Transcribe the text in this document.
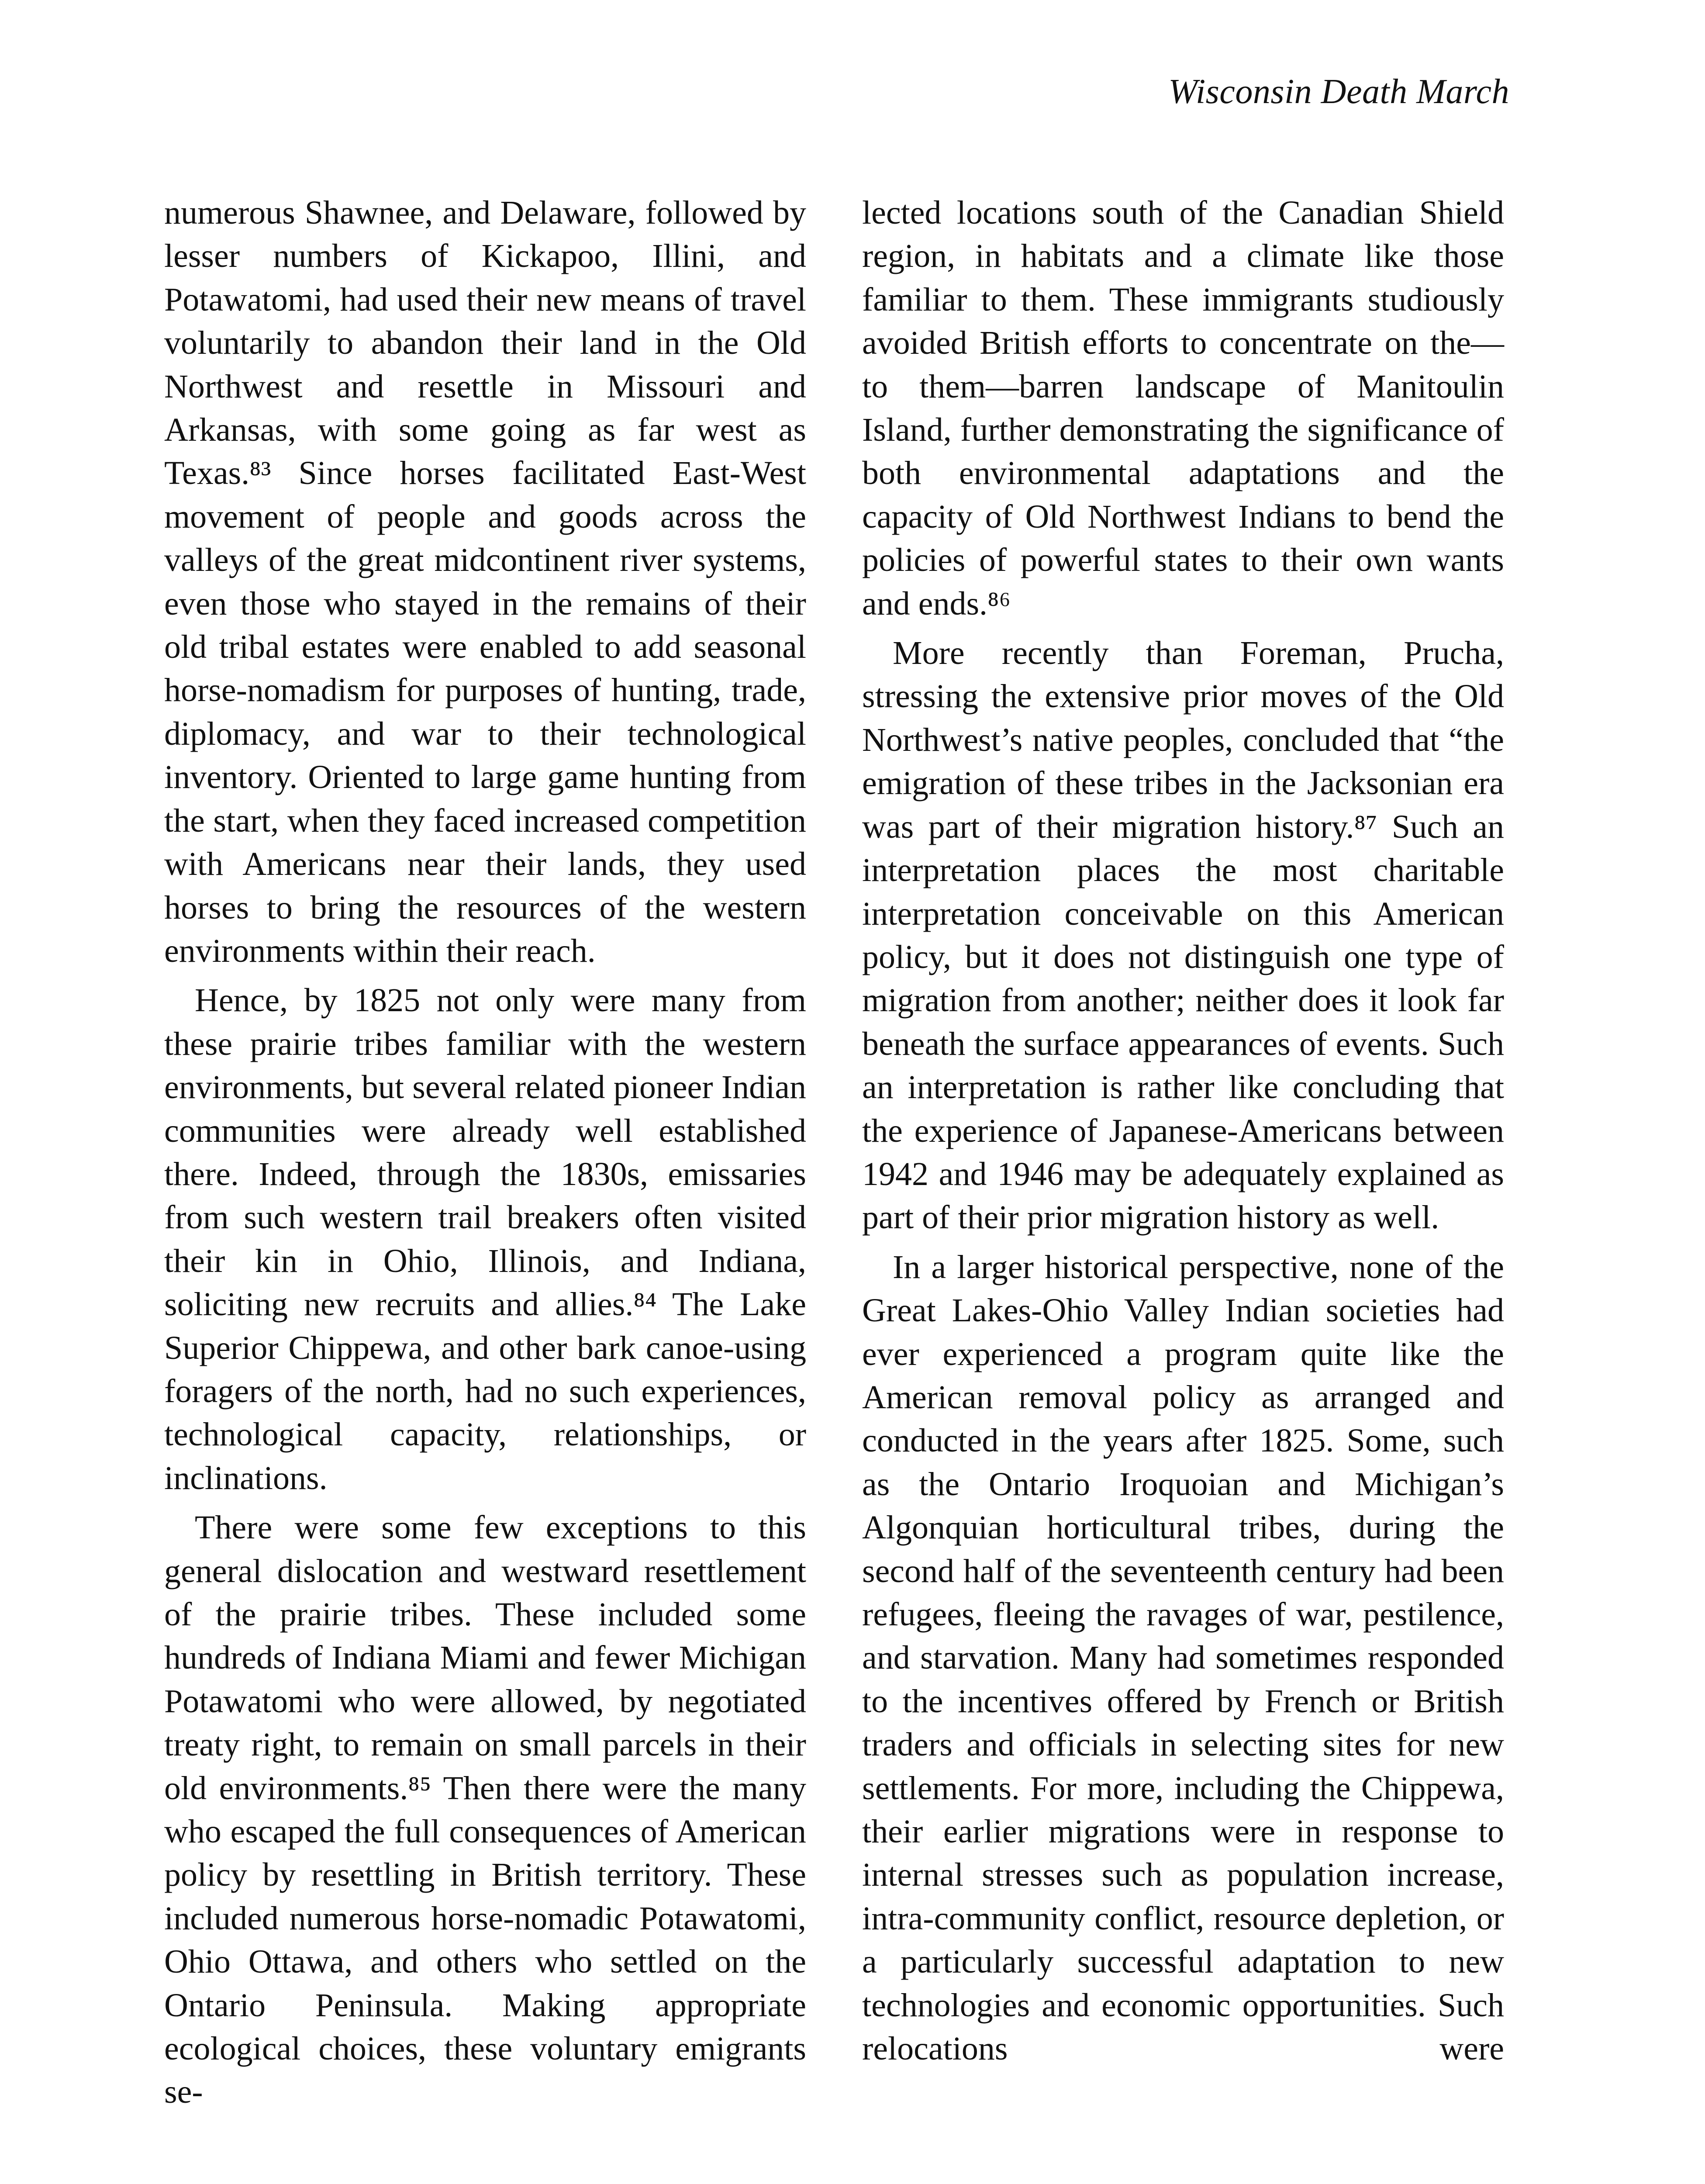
Wisconsin Death March

numerous Shawnee, and Delaware, followed by lesser numbers of Kickapoo, Illini, and Potawatomi, had used their new means of travel voluntarily to abandon their land in the Old Northwest and resettle in Missouri and Arkansas, with some going as far west as Texas.⁸³ Since horses facilitated East-West movement of people and goods across the valleys of the great midcontinent river systems, even those who stayed in the remains of their old tribal estates were enabled to add seasonal horse-nomadism for purposes of hunting, trade, diplomacy, and war to their technological inventory. Oriented to large game hunting from the start, when they faced increased competition with Americans near their lands, they used horses to bring the resources of the western environments within their reach.

Hence, by 1825 not only were many from these prairie tribes familiar with the western environments, but several related pioneer Indian communities were already well established there. Indeed, through the 1830s, emissaries from such western trail breakers often visited their kin in Ohio, Illinois, and Indiana, soliciting new recruits and allies.⁸⁴ The Lake Superior Chippewa, and other bark canoe-using foragers of the north, had no such experiences, technological capacity, relationships, or inclinations.

There were some few exceptions to this general dislocation and westward resettlement of the prairie tribes. These included some hundreds of Indiana Miami and fewer Michigan Potawatomi who were allowed, by negotiated treaty right, to remain on small parcels in their old environments.⁸⁵ Then there were the many who escaped the full consequences of American policy by resettling in British territory. These included numerous horse-nomadic Potawatomi, Ohio Ottawa, and others who settled on the Ontario Peninsula. Making appropriate ecological choices, these voluntary emigrants se-

lected locations south of the Canadian Shield region, in habitats and a climate like those familiar to them. These immigrants studiously avoided British efforts to concentrate on the—to them—barren landscape of Manitoulin Island, further demonstrating the significance of both environmental adaptations and the capacity of Old Northwest Indians to bend the policies of powerful states to their own wants and ends.⁸⁶

More recently than Foreman, Prucha, stressing the extensive prior moves of the Old Northwest’s native peoples, concluded that “the emigration of these tribes in the Jacksonian era was part of their migration history.⁸⁷ Such an interpretation places the most charitable interpretation conceivable on this American policy, but it does not distinguish one type of migration from another; neither does it look far beneath the surface appearances of events. Such an interpretation is rather like concluding that the experience of Japanese-Americans between 1942 and 1946 may be adequately explained as part of their prior migration history as well.

In a larger historical perspective, none of the Great Lakes-Ohio Valley Indian societies had ever experienced a program quite like the American removal policy as arranged and conducted in the years after 1825. Some, such as the Ontario Iroquoian and Michigan’s Algonquian horticultural tribes, during the second half of the seventeenth century had been refugees, fleeing the ravages of war, pestilence, and starvation. Many had sometimes responded to the incentives offered by French or British traders and officials in selecting sites for new settlements. For more, including the Chippewa, their earlier migrations were in response to internal stresses such as population increase, intra-community conflict, resource depletion, or a particularly successful adaptation to new technologies and economic opportunities. Such relocations were
